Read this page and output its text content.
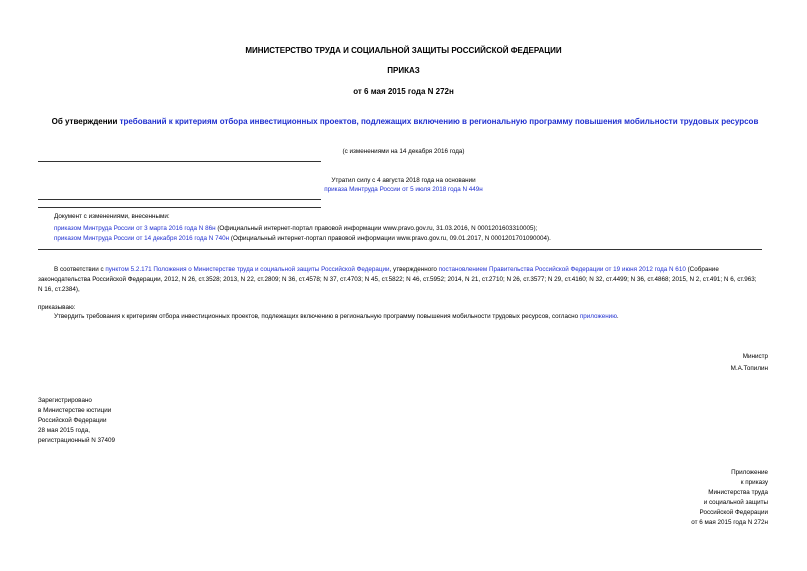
МИНИСТЕРСТВО ТРУДА И СОЦИАЛЬНОЙ ЗАЩИТЫ РОССИЙСКОЙ ФЕДЕРАЦИИ
ПРИКАЗ
от 6 мая 2015 года N 272н
Об утверждении требований к критериям отбора инвестиционных проектов, подлежащих включению в региональную программу повышения мобильности трудовых ресурсов
(с изменениями на 14 декабря 2016 года)
Утратил силу с 4 августа 2018 года на основании
приказа Минтруда России от 5 июля 2018 года N 449н
Документ с изменениями, внесенными:
приказом Минтруда России от 3 марта 2016 года N 86н (Официальный интернет-портал правовой информации www.pravo.gov.ru, 31.03.2016, N 0001201603310005);
приказом Минтруда России от 14 декабря 2016 года N 740н (Официальный интернет-портал правовой информации www.pravo.gov.ru, 09.01.2017, N 0001201701090004).
В соответствии с пунктом 5.2.171 Положения о Министерстве труда и социальной защиты Российской Федерации, утвержденного постановлением Правительства Российской Федерации от 19 июня 2012 года N 610 (Собрание законодательства Российской Федерации, 2012, N 26, ст.3528; 2013, N 22, ст.2809; N 36, ст.4578; N 37, ст.4703; N 45, ст.5822; N 46, ст.5952; 2014, N 21, ст.2710; N 26, ст.3577; N 29, ст.4160; N 32, ст.4499; N 36, ст.4868; 2015, N 2, ст.491; N 6, ст.963; N 16, ст.2384),
приказываю:
Утвердить требования к критериям отбора инвестиционных проектов, подлежащих включению в региональную программу повышения мобильности трудовых ресурсов, согласно приложению.
Министр
М.А.Топилин
Зарегистрировано
в Министерстве юстиции
Российской Федерации
28 мая 2015 года,
регистрационный N 37409
Приложение
к приказу
Министерства труда
и социальной защиты
Российской Федерации
от 6 мая 2015 года N 272н
